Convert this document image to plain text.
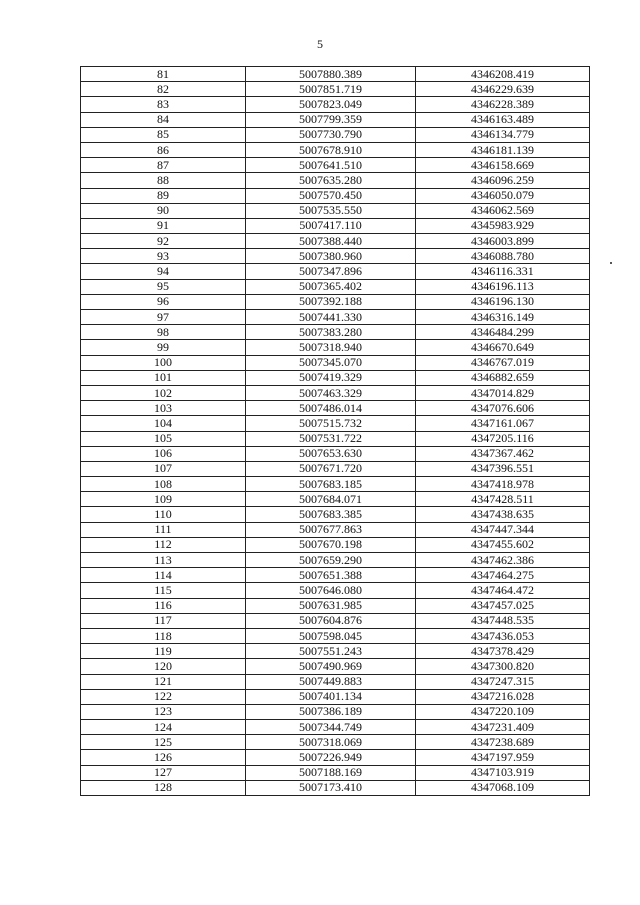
5
81	5007880.389	4346208.419
82	5007851.719	4346229.639
83	5007823.049	4346228.389
84	5007799.359	4346163.489
85	5007730.790	4346134.779
86	5007678.910	4346181.139
87	5007641.510	4346158.669
88	5007635.280	4346096.259
89	5007570.450	4346050.079
90	5007535.550	4346062.569
91	5007417.110	4345983.929
92	5007388.440	4346003.899
93	5007380.960	4346088.780
94	5007347.896	4346116.331
95	5007365.402	4346196.113
96	5007392.188	4346196.130
97	5007441.330	4346316.149
98	5007383.280	4346484.299
99	5007318.940	4346670.649
100	5007345.070	4346767.019
101	5007419.329	4346882.659
102	5007463.329	4347014.829
103	5007486.014	4347076.606
104	5007515.732	4347161.067
105	5007531.722	4347205.116
106	5007653.630	4347367.462
107	5007671.720	4347396.551
108	5007683.185	4347418.978
109	5007684.071	4347428.511
110	5007683.385	4347438.635
111	5007677.863	4347447.344
112	5007670.198	4347455.602
113	5007659.290	4347462.386
114	5007651.388	4347464.275
115	5007646.080	4347464.472
116	5007631.985	4347457.025
117	5007604.876	4347448.535
118	5007598.045	4347436.053
119	5007551.243	4347378.429
120	5007490.969	4347300.820
121	5007449.883	4347247.315
122	5007401.134	4347216.028
123	5007386.189	4347220.109
124	5007344.749	4347231.409
125	5007318.069	4347238.689
126	5007226.949	4347197.959
127	5007188.169	4347103.919
128	5007173.410	4347068.109
